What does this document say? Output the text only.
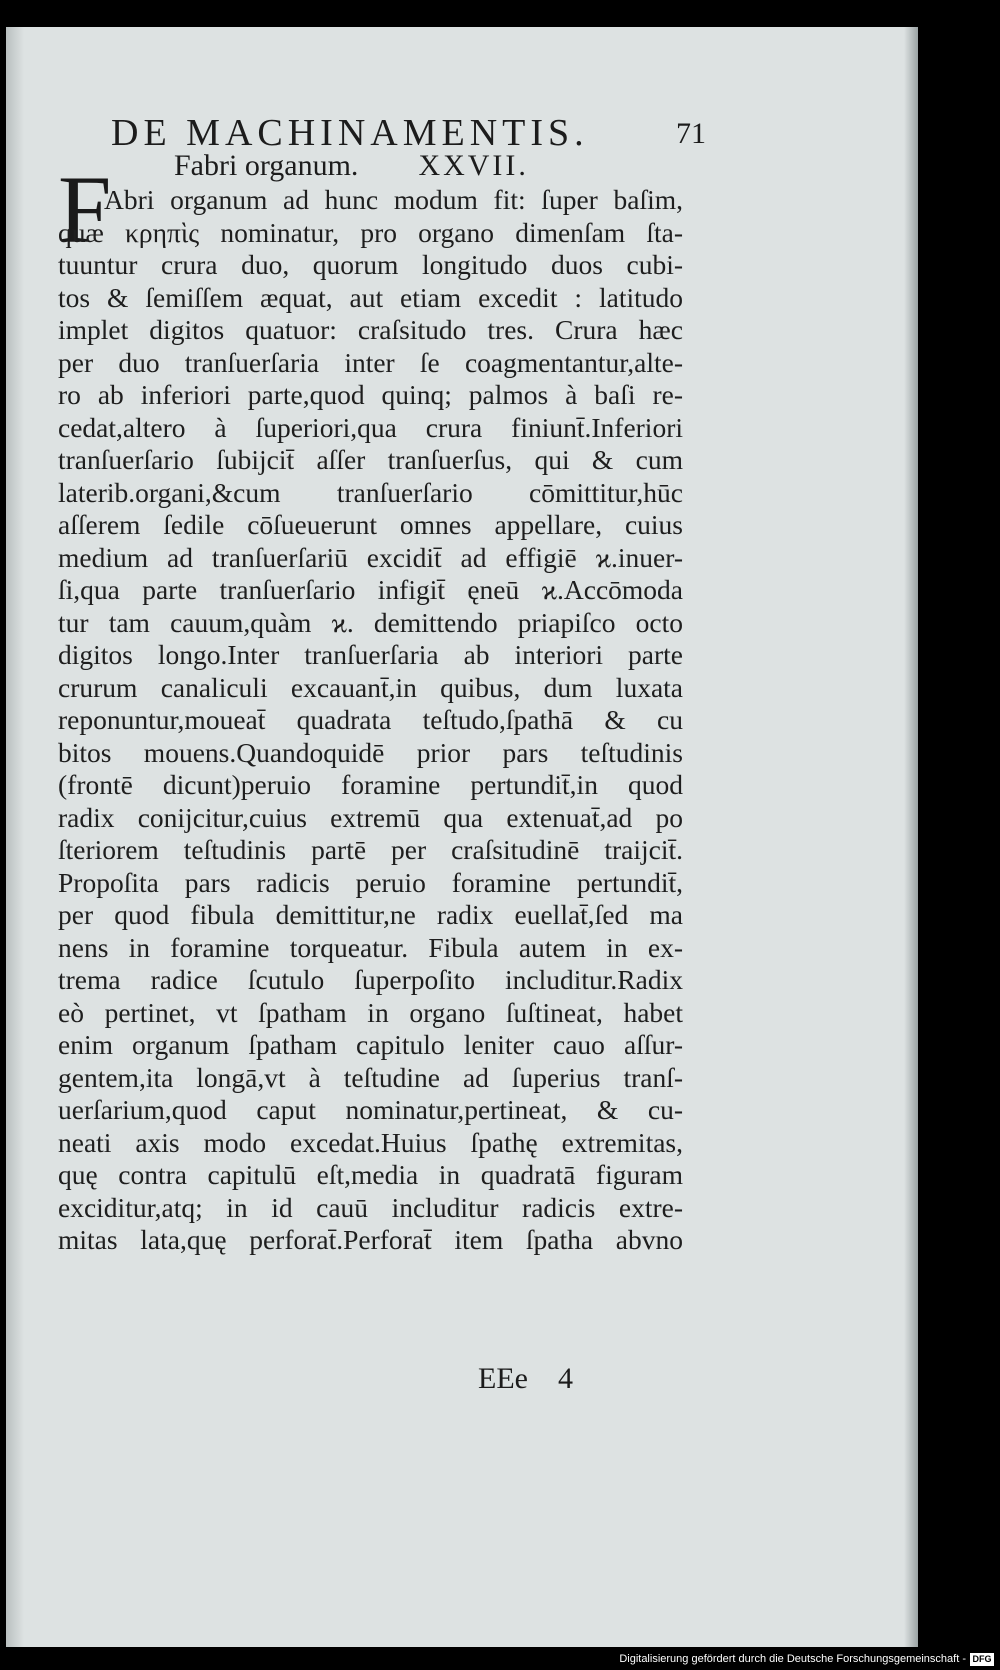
DE MACHINAMENTIS.	71
F Fabri organum. XXVII.
Abri organum ad hunc modum fit: ſuper baſim,
quæ κρηπὶς nominatur, pro organo dimenſam ſta-
tuuntur crura duo, quorum longitudo duos cubi-
tos & ſemiſſem æquat, aut etiam excedit : latitudo
implet digitos quatuor: craſsitudo tres. Crura hæc
per duo tranſuerſaria inter ſe coagmentantur,alte-
ro ab inferiori parte,quod quinq; palmos à baſi re-
cedat,altero à ſuperiori,qua crura finiunt̄.Inferiori
tranſuerſario ſubijcit̄ aſſer tranſuerſus, qui & cum
laterib.organi,&cum tranſuerſario cōmittitur,hūc
aſſerem ſedile cōſueuerunt omnes appellare, cuius
medium ad tranſuerſariū excidit̄ ad effigiē ϰ.inuer-
ſi,qua parte tranſuerſario infigit̄ ęneū ϰ.Accōmoda
tur tam cauum,quàm ϰ. demittendo priapiſco octo
digitos longo.Inter tranſuerſaria ab interiori parte
crurum canaliculi excauant̄,in quibus, dum luxata
reponuntur,moueat̄ quadrata teſtudo,ſpathā & cu
bitos mouens.Quandoquidē prior pars teſtudinis
(frontē dicunt)peruio foramine pertundit̄,in quod
radix conijcitur,cuius extremū qua extenuat̄,ad po
ſteriorem teſtudinis partē per craſsitudinē traijcit̄.
Propoſita pars radicis peruio foramine pertundit̄,
per quod fibula demittitur,ne radix euellat̄,ſed ma
nens in foramine torqueatur. Fibula autem in ex-
trema radice ſcutulo ſuperpoſito includitur.Radix
eò pertinet, vt ſpatham in organo ſuſtineat, habet
enim organum ſpatham capitulo leniter cauo aſſur-
gentem,ita longā,vt à teſtudine ad ſuperius tranſ-
uerſarium,quod caput nominatur,pertineat, & cu-
neati axis modo excedat.Huius ſpathę extremitas,
quę contra capitulū eſt,media in quadratā figuram
exciditur,atq; in id cauū includitur radicis extre-
mitas lata,quę perforat̄.Perforat̄ item ſpatha abvno
EEe 4
Digitalisierung gefördert durch die Deutsche Forschungsgemeinschaft - DFG
